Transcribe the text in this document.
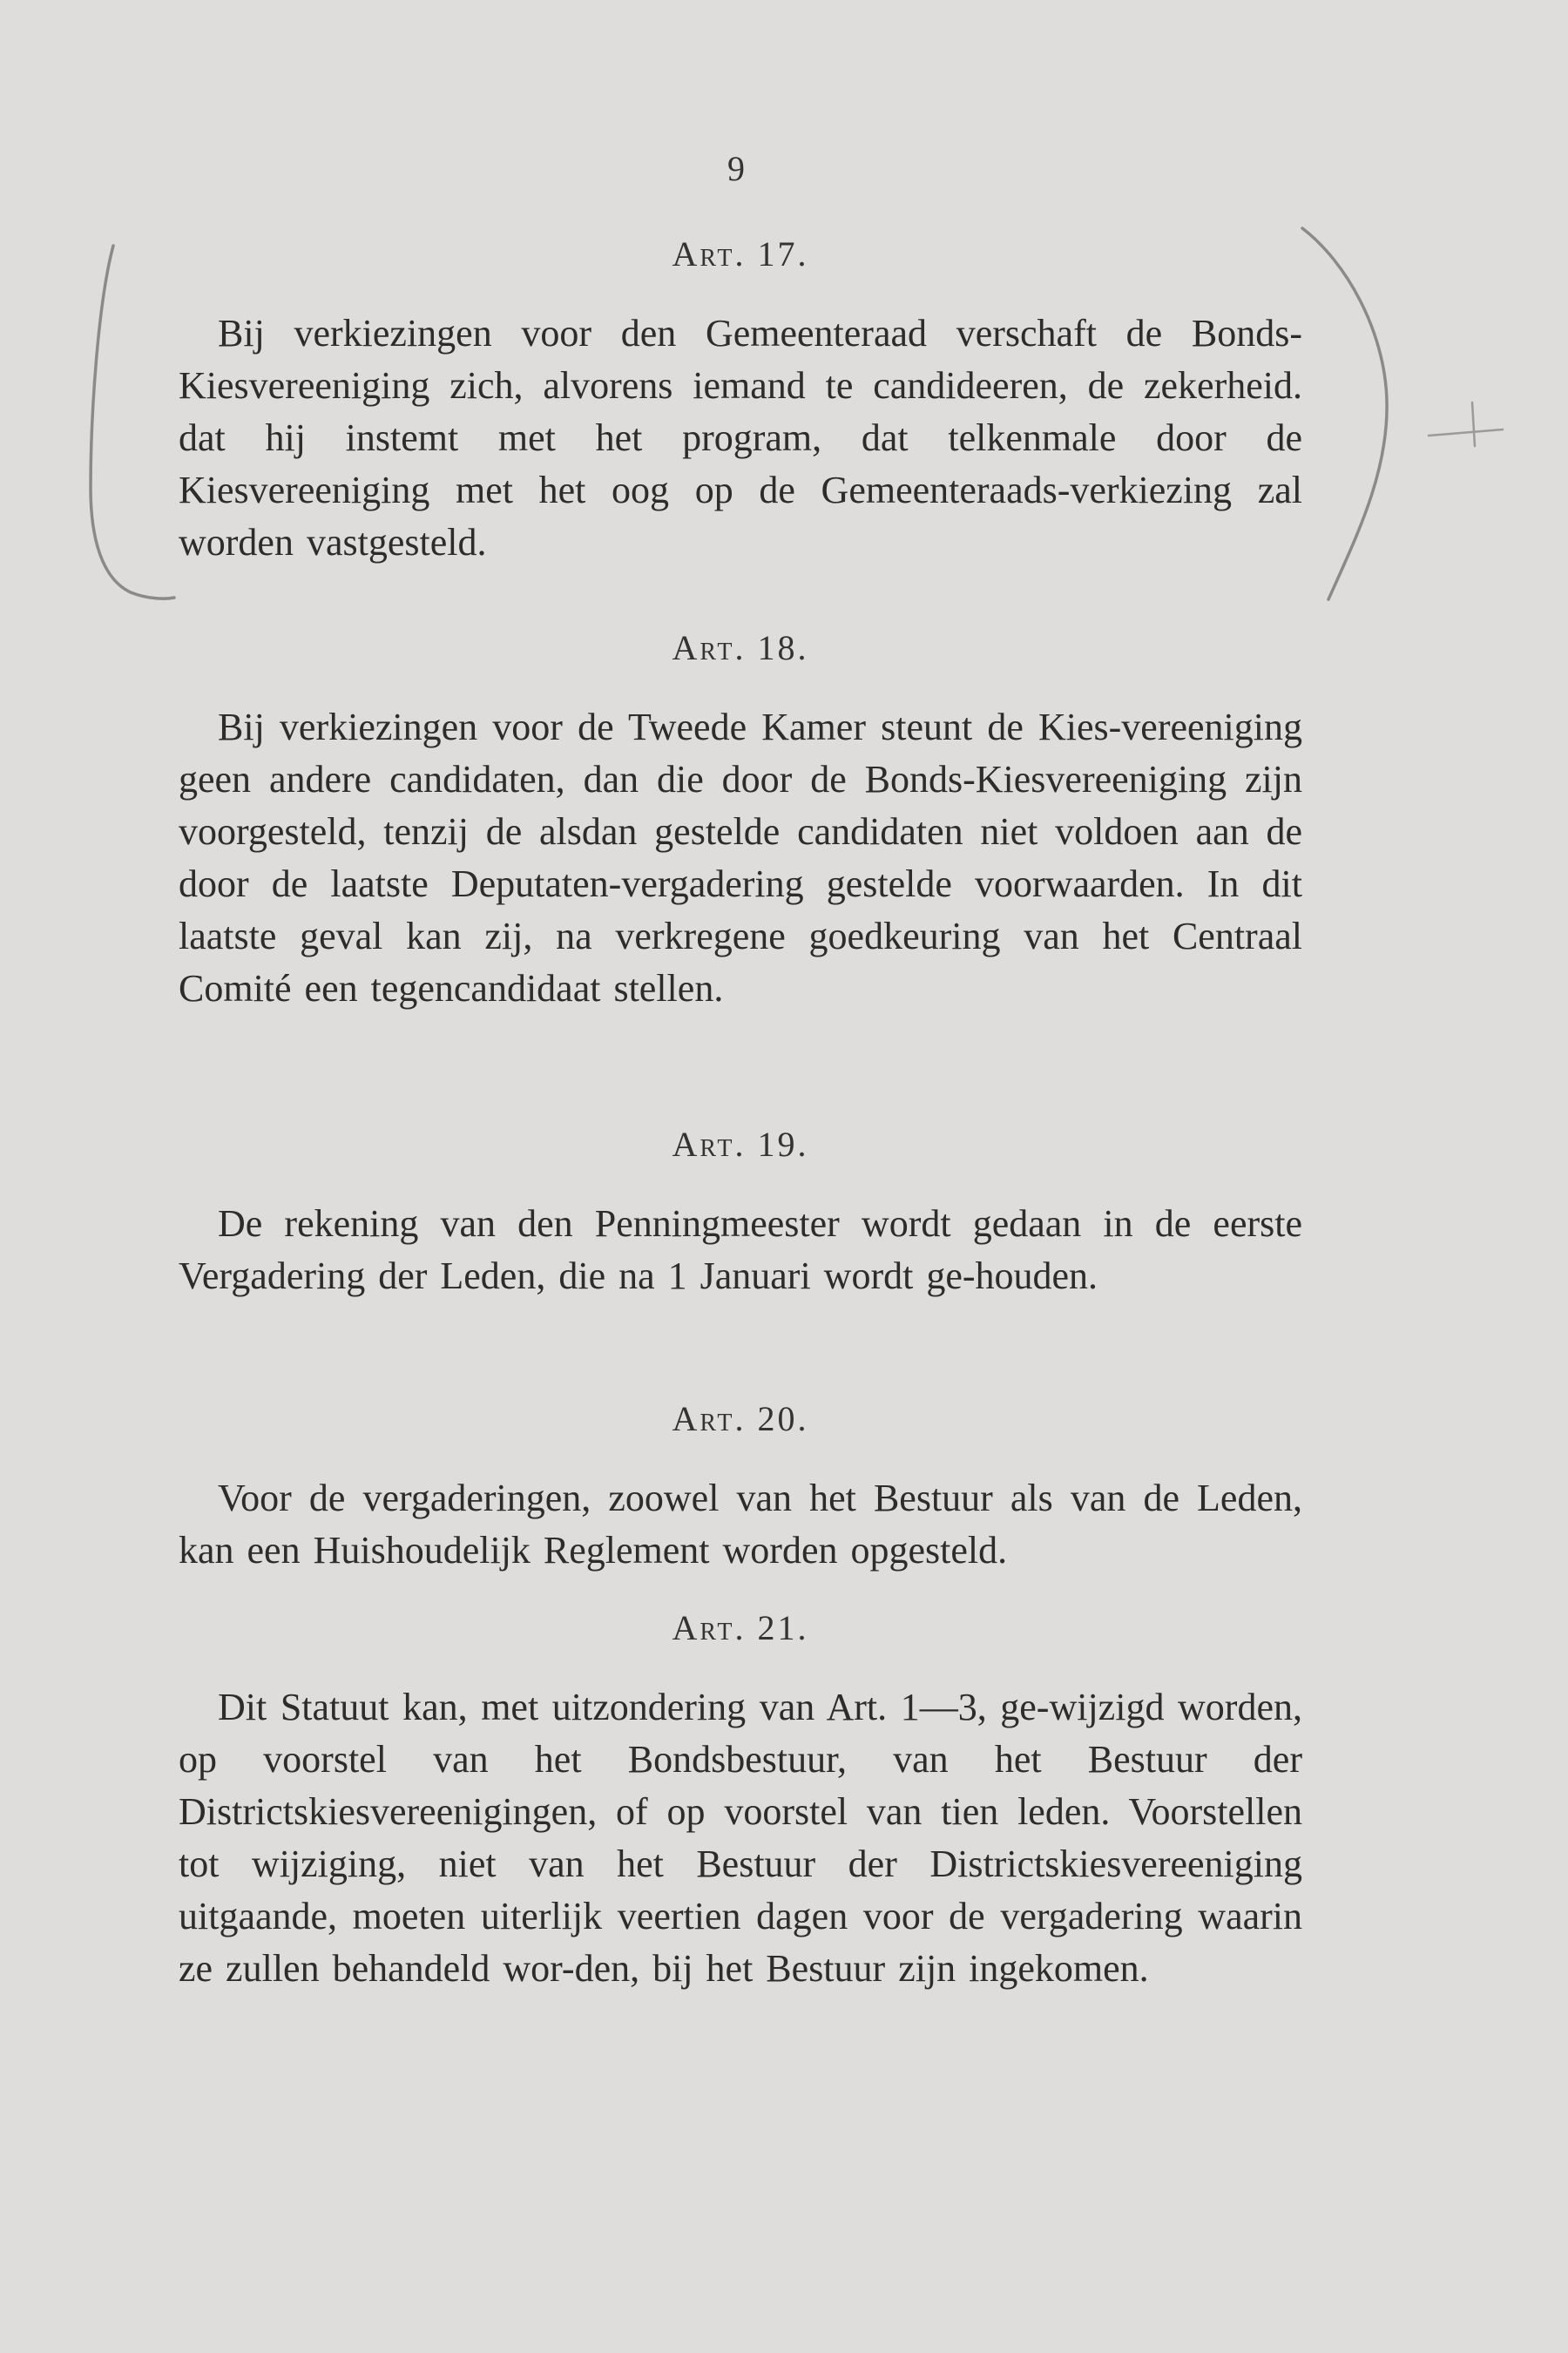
9
Art. 17.

Bij verkiezingen voor den Gemeenteraad verschaft de Bonds-Kiesvereeniging zich, alvorens iemand te candideeren, de zekerheid. dat hij instemt met het program, dat telkenmale door de Kiesvereeniging met het oog op de Gemeenteraads-verkiezing zal worden vastgesteld.

Art. 18.

Bij verkiezingen voor de Tweede Kamer steunt de Kies-vereeniging geen andere candidaten, dan die door de Bonds-Kiesvereeniging zijn voorgesteld, tenzij de alsdan gestelde candidaten niet voldoen aan de door de laatste Deputaten-vergadering gestelde voorwaarden. In dit laatste geval kan zij, na verkregene goedkeuring van het Centraal Comité een tegencandidaat stellen.

Art. 19.

De rekening van den Penningmeester wordt gedaan in de eerste Vergadering der Leden, die na 1 Januari wordt ge-houden.

Art. 20.

Voor de vergaderingen, zoowel van het Bestuur als van de Leden, kan een Huishoudelijk Reglement worden opgesteld.

Art. 21.

Dit Statuut kan, met uitzondering van Art. 1—3, ge-wijzigd worden, op voorstel van het Bondsbestuur, van het Bestuur der Districtskiesvereenigingen, of op voorstel van tien leden. Voorstellen tot wijziging, niet van het Bestuur der Districtskiesvereeniging uitgaande, moeten uiterlijk veertien dagen voor de vergadering waarin ze zullen behandeld wor-den, bij het Bestuur zijn ingekomen.
